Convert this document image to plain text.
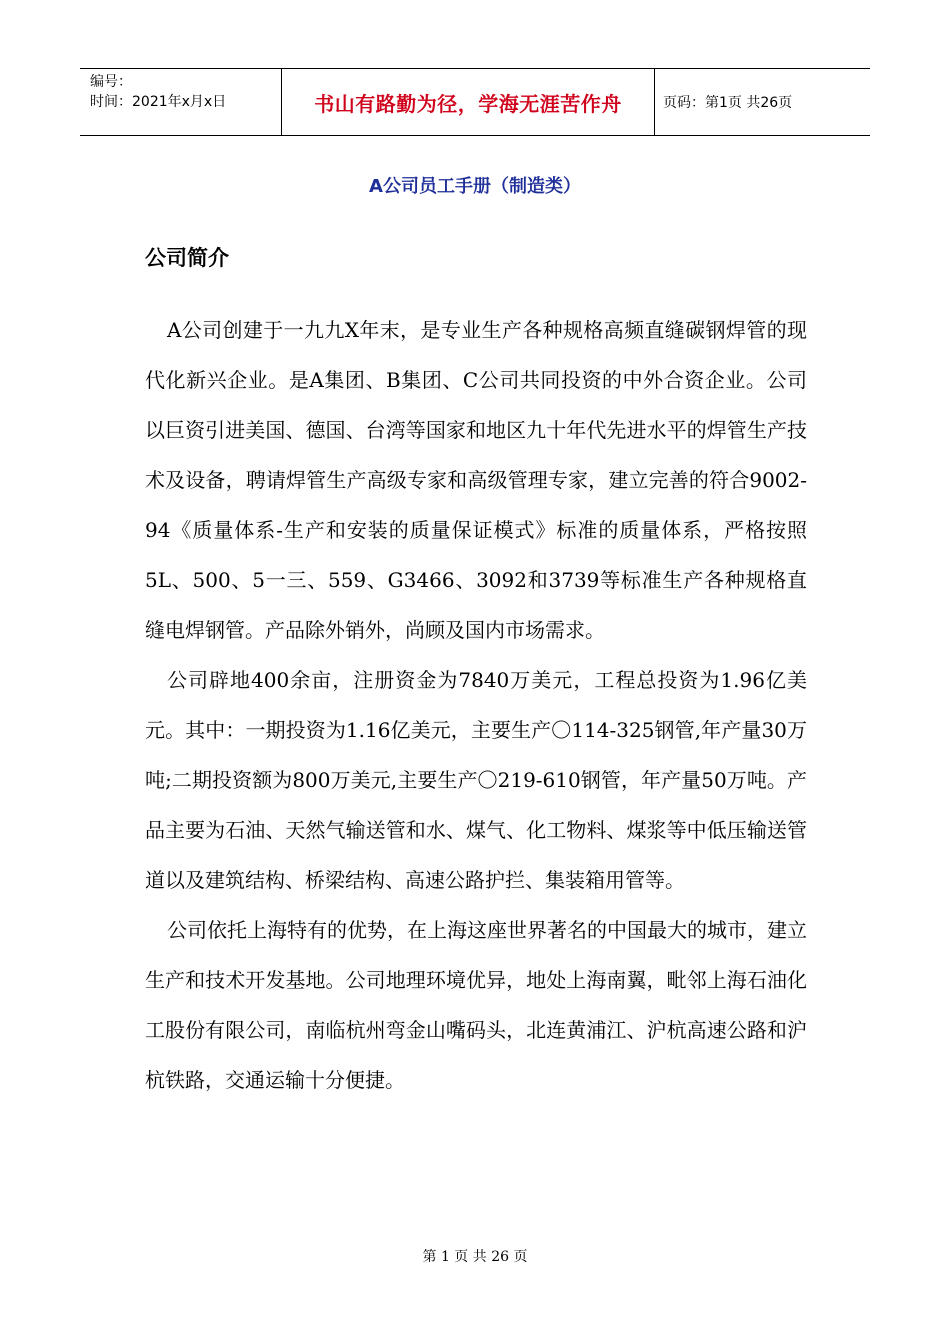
编号：
时间：2021年x月x日	书山有路勤为径，学海无涯苦作舟	页码：第1页 共26页
A公司员工手册（制造类）
公司简介

A公司创建于一九九X年末，是专业生产各种规格高频直缝碳钢焊管的现代化新兴企业。是A集团、B集团、C公司共同投资的中外合资企业。公司以巨资引进美国、德国、台湾等国家和地区九十年代先进水平的焊管生产技术及设备，聘请焊管生产高级专家和高级管理专家，建立完善的符合9002-94《质量体系-生产和安装的质量保证模式》标准的质量体系，严格按照5L、500、5一三、559、G3466、3092和3739等标准生产各种规格直缝电焊钢管。产品除外销外，尚顾及国内市场需求。

公司辟地400余亩，注册资金为7840万美元，工程总投资为1.96亿美元。其中：一期投资为1.16亿美元，主要生产〇114-325钢管,年产量30万吨;二期投资额为800万美元,主要生产〇219-610钢管，年产量50万吨。产品主要为石油、天然气输送管和水、煤气、化工物料、煤浆等中低压输送管道以及建筑结构、桥梁结构、高速公路护拦、集装箱用管等。

公司依托上海特有的优势，在上海这座世界著名的中国最大的城市，建立生产和技术开发基地。公司地理环境优异，地处上海南翼，毗邻上海石油化工股份有限公司，南临杭州弯金山嘴码头，北连黄浦江、沪杭高速公路和沪杭铁路，交通运输十分便捷。

第 1 页 共 26 页
